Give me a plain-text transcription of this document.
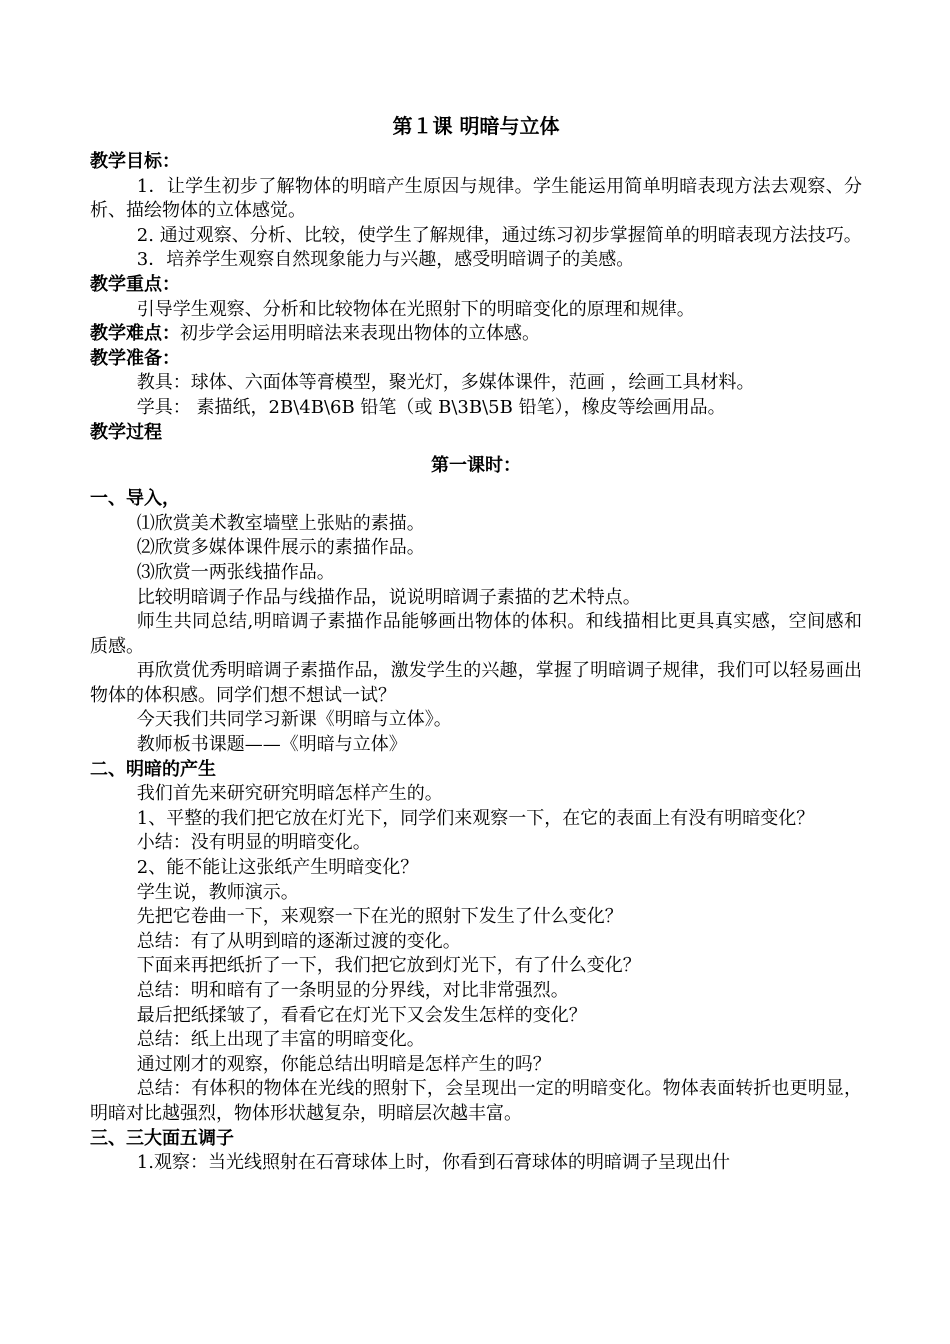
第１课 明暗与立体
教学目标：
1．让学生初步了解物体的明暗产生原因与规律。学生能运用简单明暗表现方法去观察、分析、描绘物体的立体感觉。
2. 通过观察、分析、比较，使学生了解规律，通过练习初步掌握简单的明暗表现方法技巧。
3．培养学生观察自然现象能力与兴趣，感受明暗调子的美感。
教学重点：
引导学生观察、分析和比较物体在光照射下的明暗变化的原理和规律。
教学难点：初步学会运用明暗法来表现出物体的立体感。
教学准备：
教具：球体、六面体等膏模型，聚光灯，多媒体课件，范画 ，绘画工具材料。
学具： 素描纸，2B\4B\6B 铅笔（或 B\3B\5B 铅笔），橡皮等绘画用品。
教学过程
第一课时：
一、导入，
⑴欣赏美术教室墙壁上张贴的素描。
⑵欣赏多媒体课件展示的素描作品。
⑶欣赏一两张线描作品。
比较明暗调子作品与线描作品，说说明暗调子素描的艺术特点。
师生共同总结,明暗调子素描作品能够画出物体的体积。和线描相比更具真实感，空间感和质感。
再欣赏优秀明暗调子素描作品，激发学生的兴趣，掌握了明暗调子规律，我们可以轻易画出物体的体积感。同学们想不想试一试？
今天我们共同学习新课《明暗与立体》。
教师板书课题——《明暗与立体》
二、明暗的产生
我们首先来研究研究明暗怎样产生的。
1、平整的我们把它放在灯光下，同学们来观察一下，在它的表面上有没有明暗变化？
小结：没有明显的明暗变化。
2、能不能让这张纸产生明暗变化？
学生说，教师演示。
先把它卷曲一下，来观察一下在光的照射下发生了什么变化？
总结：有了从明到暗的逐渐过渡的变化。
下面来再把纸折了一下，我们把它放到灯光下，有了什么变化？
总结：明和暗有了一条明显的分界线，对比非常强烈。
最后把纸揉皱了，看看它在灯光下又会发生怎样的变化？
总结：纸上出现了丰富的明暗变化。
通过刚才的观察，你能总结出明暗是怎样产生的吗？
总结：有体积的物体在光线的照射下，会呈现出一定的明暗变化。物体表面转折也更明显，明暗对比越强烈，物体形状越复杂，明暗层次越丰富。
三、三大面五调子
1.观察：当光线照射在石膏球体上时，你看到石膏球体的明暗调子呈现出什
